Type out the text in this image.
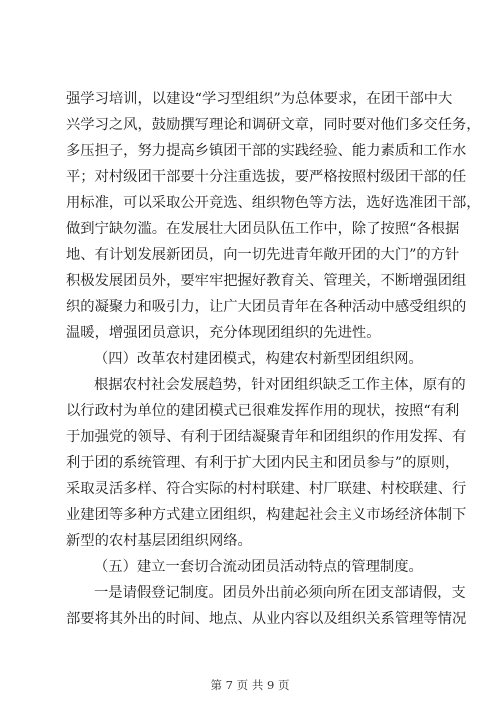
强学习培训，以建设“学习型组织”为总体要求，在团干部中大
兴学习之风，鼓励撰写理论和调研文章，同时要对他们多交任务，
多压担子，努力提高乡镇团干部的实践经验、能力素质和工作水
平；对村级团干部要十分注重选拔，要严格按照村级团干部的任
用标准，可以采取公开竞选、组织物色等方法，选好选准团干部，
做到宁缺勿滥。在发展壮大团员队伍工作中，除了按照“各根据
地、有计划发展新团员，向一切先进青年敞开团的大门”的方针
积极发展团员外，要牢牢把握好教育关、管理关，不断增强团组
织的凝聚力和吸引力，让广大团员青年在各种活动中感受组织的
温暖，增强团员意识，充分体现团组织的先进性。
（四）改革农村建团模式，构建农村新型团组织网。
根据农村社会发展趋势，针对团组织缺乏工作主体，原有的
以行政村为单位的建团模式已很难发挥作用的现状，按照“有利
于加强党的领导、有利于团结凝聚青年和团组织的作用发挥、有
利于团的系统管理、有利于扩大团内民主和团员参与”的原则，
采取灵活多样、符合实际的村村联建、村厂联建、村校联建、行
业建团等多种方式建立团组织，构建起社会主义市场经济体制下
新型的农村基层团组织网络。
（五）建立一套切合流动团员活动特点的管理制度。
一是请假登记制度。团员外出前必须向所在团支部请假，支
部要将其外出的时间、地点、从业内容以及组织关系管理等情况
第 7 页 共 9 页
